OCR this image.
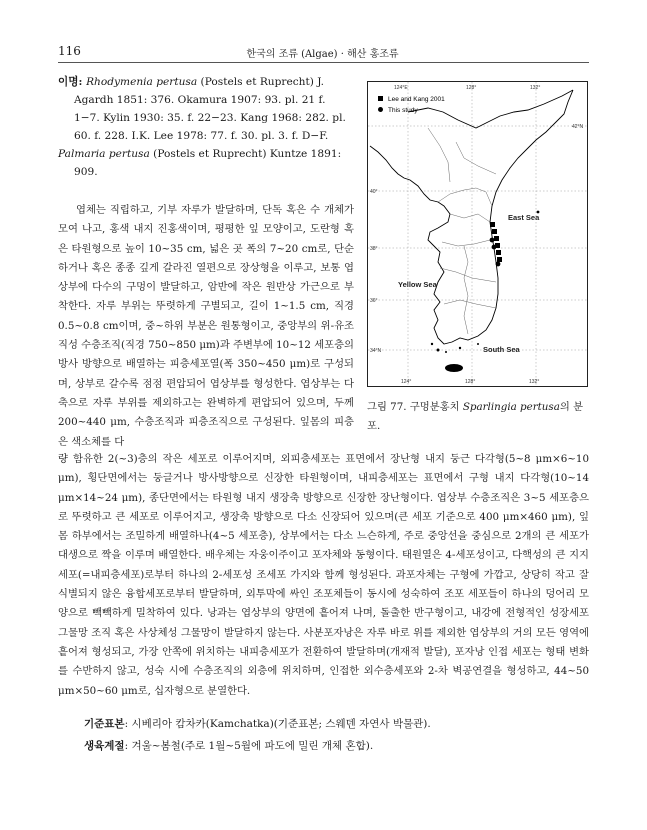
116	한국의 조류 (Algae) · 해산 홍조류

이명: Rhodymenia pertusa (Postels et Ruprecht) J. Agardh 1851: 376. Okamura 1907: 93. pl. 21 f. 1−7. Kylin 1930: 35. f. 22−23. Kang 1968: 282. pl. 60. f. 228. I.K. Lee 1978: 77. f. 30. pl. 3. f. D−F.

Palmaria pertusa (Postels et Ruprecht) Kuntze 1891: 909.

엽체는 직립하고, 기부 자루가 발달하며, 단독 혹은 수 개체가 모여 나고, 홍색 내지 진홍색이며, 평평한 잎 모양이고, 도란형 혹은 타원형으로 높이 10~35 cm, 넓은 곳 폭의 7~20 cm로, 단순하거나 혹은 종종 깊게 갈라진 열편으로 장상형을 이루고, 보통 엽상부에 다수의 구멍이 발달하고, 암반에 작은 원반상 가근으로 부착한다. 자루 부위는 뚜렷하게 구별되고, 길이 1~1.5 cm, 직경 0.5~0.8 cm이며, 중~하위 부분은 원통형이고, 중앙부의 위-유조직성 수층조직(직경 750~850 μm)과 주변부에 10~12 세포층의 방사 방향으로 배열하는 피층세포열(폭 350~450 μm)로 구성되며, 상부로 갈수록 점점 편압되어 엽상부를 형성한다. 엽상부는 다축으로 자루 부위를 제외하고는 완벽하게 편압되어 있으며, 두께 200~440 μm, 수층조직과 피층조직으로 구성된다. 잎몸의 피층은 색소체를 다

량 함유한 2(~3)층의 작은 세포로 이루어지며, 외피층세포는 표면에서 장난형 내지 둥근 다각형(5~8 μm×6~10 μm), 횡단면에서는 둥글거나 방사방향으로 신장한 타원형이며, 내피층세포는 표면에서 구형 내지 다각형(10~14 μm×14~24 μm), 종단면에서는 타원형 내지 생장축 방향으로 신장한 장난형이다. 엽상부 수층조직은 3~5 세포층으로 뚜렷하고 큰 세포로 이루어지고, 생장축 방향으로 다소 신장되어 있으며(큰 세포 기준으로 400 μm×460 μm), 잎몸 하부에서는 조밀하게 배열하나(4~5 세포층), 상부에서는 다소 느슨하게, 주로 중앙선을 중심으로 2개의 큰 세포가 대생으로 짝을 이루며 배열한다. 배우체는 자웅이주이고 포자체와 동형이다. 태원열은 4-세포성이고, 다핵성의 큰 지지세포(=내피층세포)로부터 하나의 2-세포성 조세포 가지와 함께 형성된다. 과포자체는 구형에 가깝고, 상당히 작고 잘 식별되지 않은 융합세포로부터 발달하며, 외투막에 싸인 조포체들이 동시에 성숙하여 조포 세포들이 하나의 덩어리 모양으로 빽빽하게 밀착하여 있다. 낭과는 엽상부의 양면에 흩어져 나며, 돌출한 반구형이고, 내강에 전형적인 성장세포 그물망 조직 혹은 사상체성 그물망이 발달하지 않는다. 사분포자낭은 자루 바로 위를 제외한 엽상부의 거의 모든 영역에 흩어져 형성되고, 가장 안쪽에 위치하는 내피층세포가 전환하여 발달하며(개재적 발달), 포자낭 인접 세포는 형태 변화를 수반하지 않고, 성숙 시에 수층조직의 외층에 위치하며, 인접한 외수층세포와 2-차 벽공연결을 형성하고, 44~50 μm×50~60 μm로, 십자형으로 분열한다.

124°E	128°	132°
124°	128°	132°
42°N
40°
38°
36°
34°N
East Sea
Yellow Sea
South Sea
Lee and Kang 2001
This study
그림 77. 구멍분홍치 Sparlingia pertusa의 분포.
기준표본: 시베리아 캄차카(Kamchatka)(기준표본; 스웨덴 자연사 박물관).
생육계절: 겨울~봄철(주로 1월~5월에 파도에 밀린 개체 혼합).
